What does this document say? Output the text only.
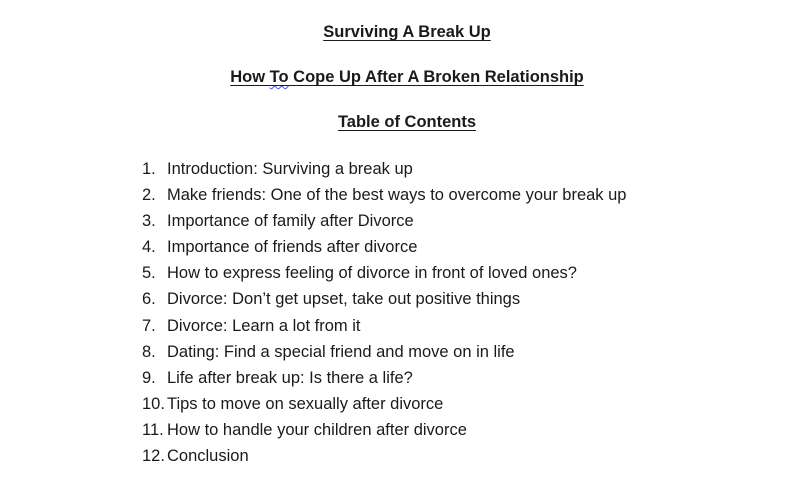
Surviving A Break Up

How To Cope Up After A Broken Relationship

Table of Contents

1. Introduction: Surviving a break up
2. Make friends: One of the best ways to overcome your break up
3. Importance of family after Divorce
4. Importance of friends after divorce
5. How to express feeling of divorce in front of loved ones?
6. Divorce: Don’t get upset, take out positive things
7. Divorce: Learn a lot from it
8. Dating: Find a special friend and move on in life
9. Life after break up: Is there a life?
10. Tips to move on sexually after divorce
11. How to handle your children after divorce
12. Conclusion
